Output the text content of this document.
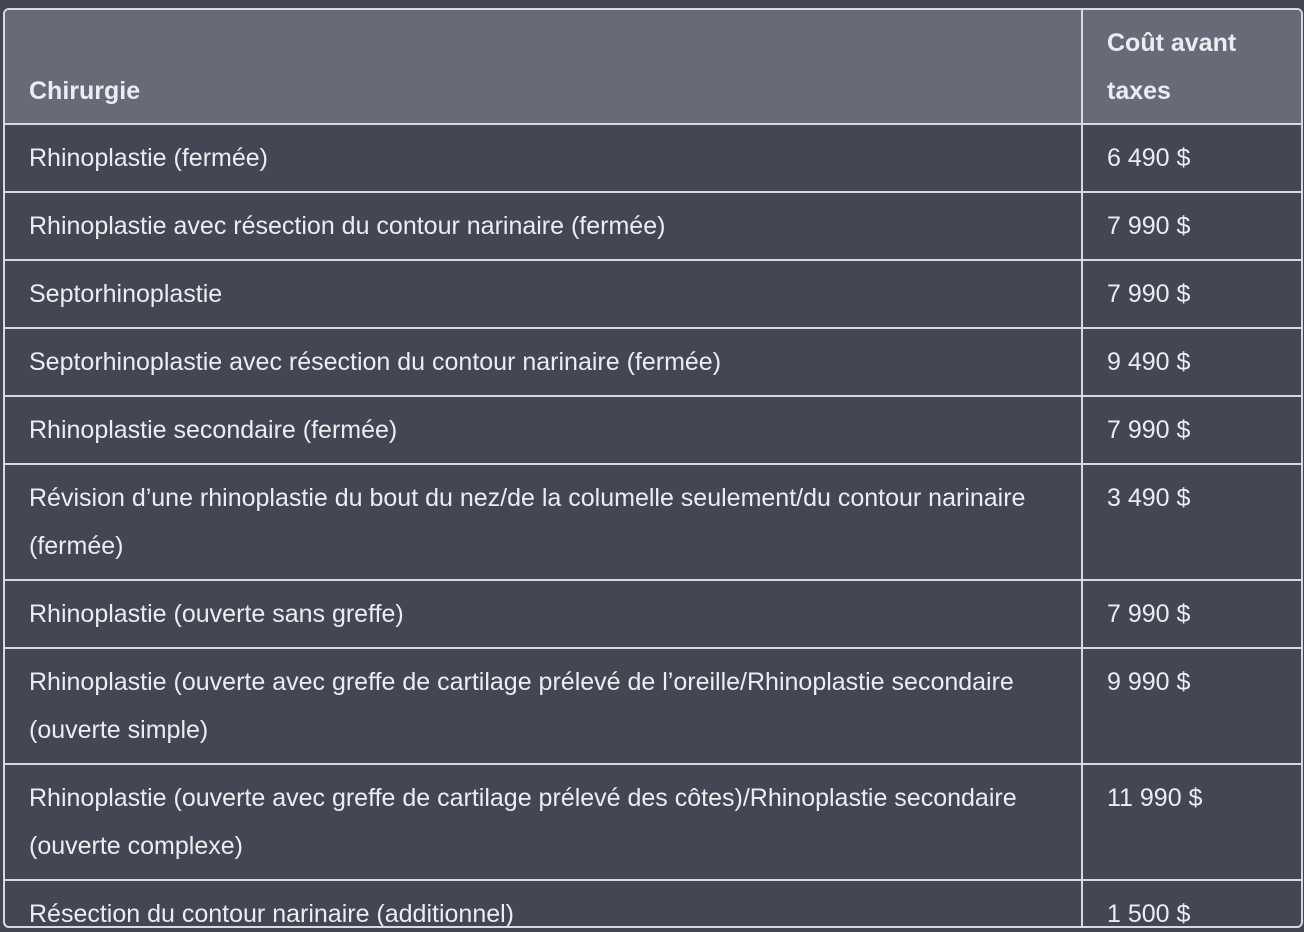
Chirurgie	Coût avant taxes
Rhinoplastie (fermée)	6 490 $
Rhinoplastie avec résection du contour narinaire (fermée)	7 990 $
Septorhinoplastie	7 990 $
Septorhinoplastie avec résection du contour narinaire (fermée)	9 490 $
Rhinoplastie secondaire (fermée)	7 990 $
Révision d’une rhinoplastie du bout du nez/de la columelle seulement/du contour narinaire (fermée)	3 490 $
Rhinoplastie (ouverte sans greffe)	7 990 $
Rhinoplastie (ouverte avec greffe de cartilage prélevé de l’oreille/Rhinoplastie secondaire (ouverte simple)	9 990 $
Rhinoplastie (ouverte avec greffe de cartilage prélevé des côtes)/Rhinoplastie secondaire (ouverte complexe)	11 990 $
Résection du contour narinaire (additionnel)	1 500 $
